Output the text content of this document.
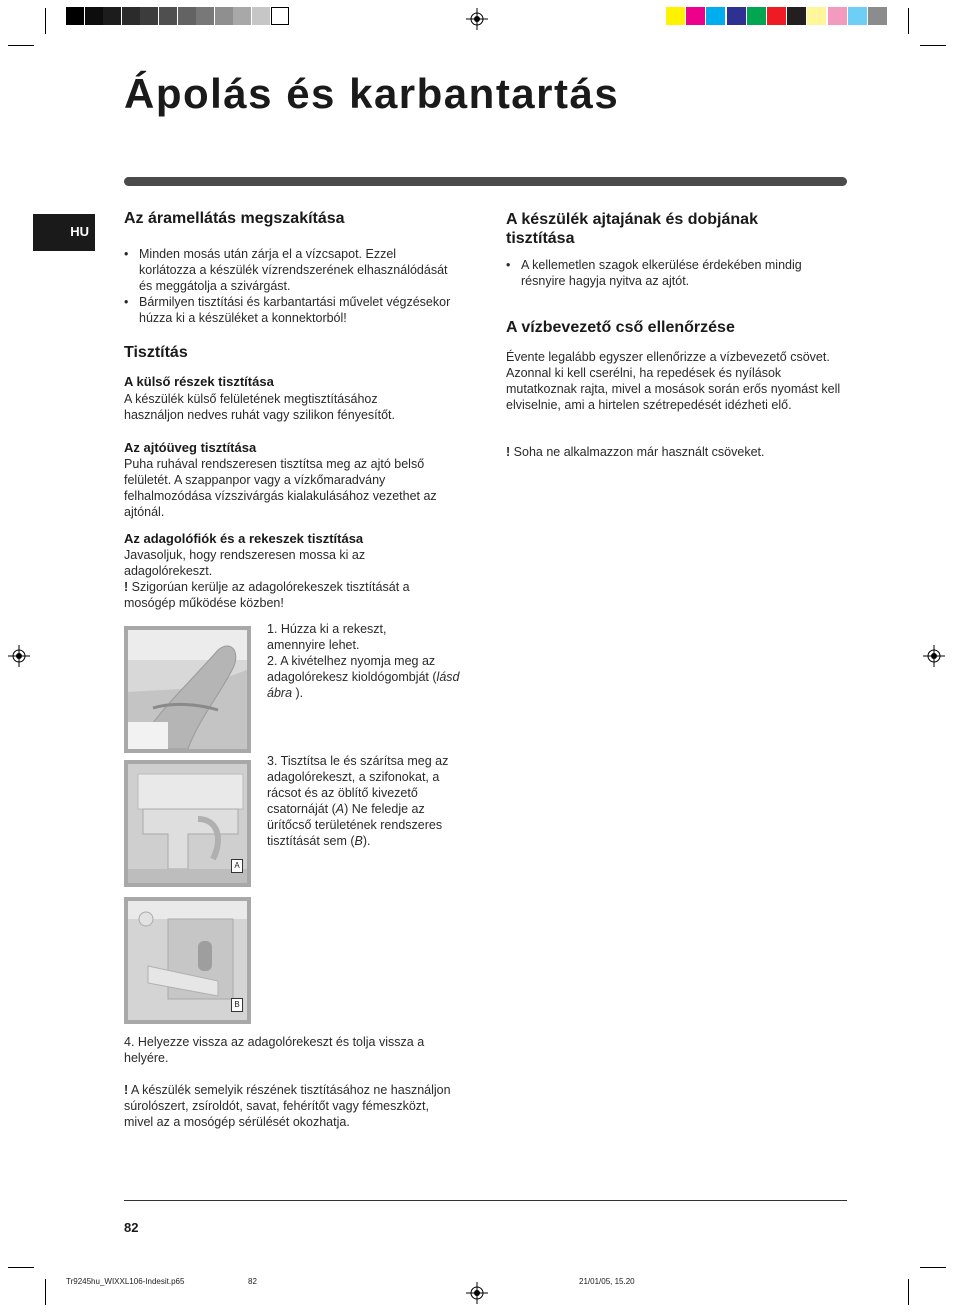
Ápolás és karbantartás
HU
Az áramellátás megszakítása
• Minden mosás után zárja el a vízcsapot. Ezzel korlátozza a készülék vízrendszerének elhasználódását és meggátolja a szivárgást.
• Bármilyen tisztítási és karbantartási művelet végzésekor húzza ki a készüléket a konnektorból!
Tisztítás
A külső részek tisztítása

A készülék külső felületének megtisztításához használjon nedves ruhát vagy szilikon fényesítőt.

Az ajtóüveg tisztítása

Puha ruhával rendszeresen tisztítsa meg az ajtó belső felületét. A szappanpor vagy a vízkőmaradvány felhalmozódása vízszivárgás kialakulásához vezethet az ajtónál.

Az adagolófiók és a rekeszek tisztítása

Javasoljuk, hogy rendszeresen mossa ki az adagolórekeszt.

! Szigorúan kerülje az adagolórekeszek tisztítását a mosógép működése közben!

A
B

1. Húzza ki a rekeszt, amennyire lehet.

2. A kivételhez nyomja meg az adagolórekesz kioldógombját (lásd ábra ).

3. Tisztítsa le és szárítsa meg az adagolórekeszt, a szifonokat, a rácsot és az öblítő kivezető csatornáját (A) Ne feledje az ürítőcső területének rendszeres tisztítását sem (B).

4. Helyezze vissza az adagolórekeszt és tolja vissza a helyére.

! A készülék semelyik részének tisztításához ne használjon súrolószert, zsíroldót, savat, fehérítőt vagy fémeszközt, mivel az a mosógép sérülését okozhatja.

A készülék ajtajának és dobjának tisztítása
• A kellemetlen szagok elkerülése érdekében mindig résnyire hagyja nyitva az ajtót.
A vízbevezető cső ellenőrzése

Évente legalább egyszer ellenőrizze a vízbevezető csövet. Azonnal ki kell cserélni, ha repedések és nyílások mutatkoznak rajta, mivel a mosások során erős nyomást kell elviselnie, ami a hirtelen szétrepedését idézheti elő.

! Soha ne alkalmazzon már használt csöveket.

82
Tr9245hu_WIXXL106-Indesit.p65	82	21/01/05, 15.20
